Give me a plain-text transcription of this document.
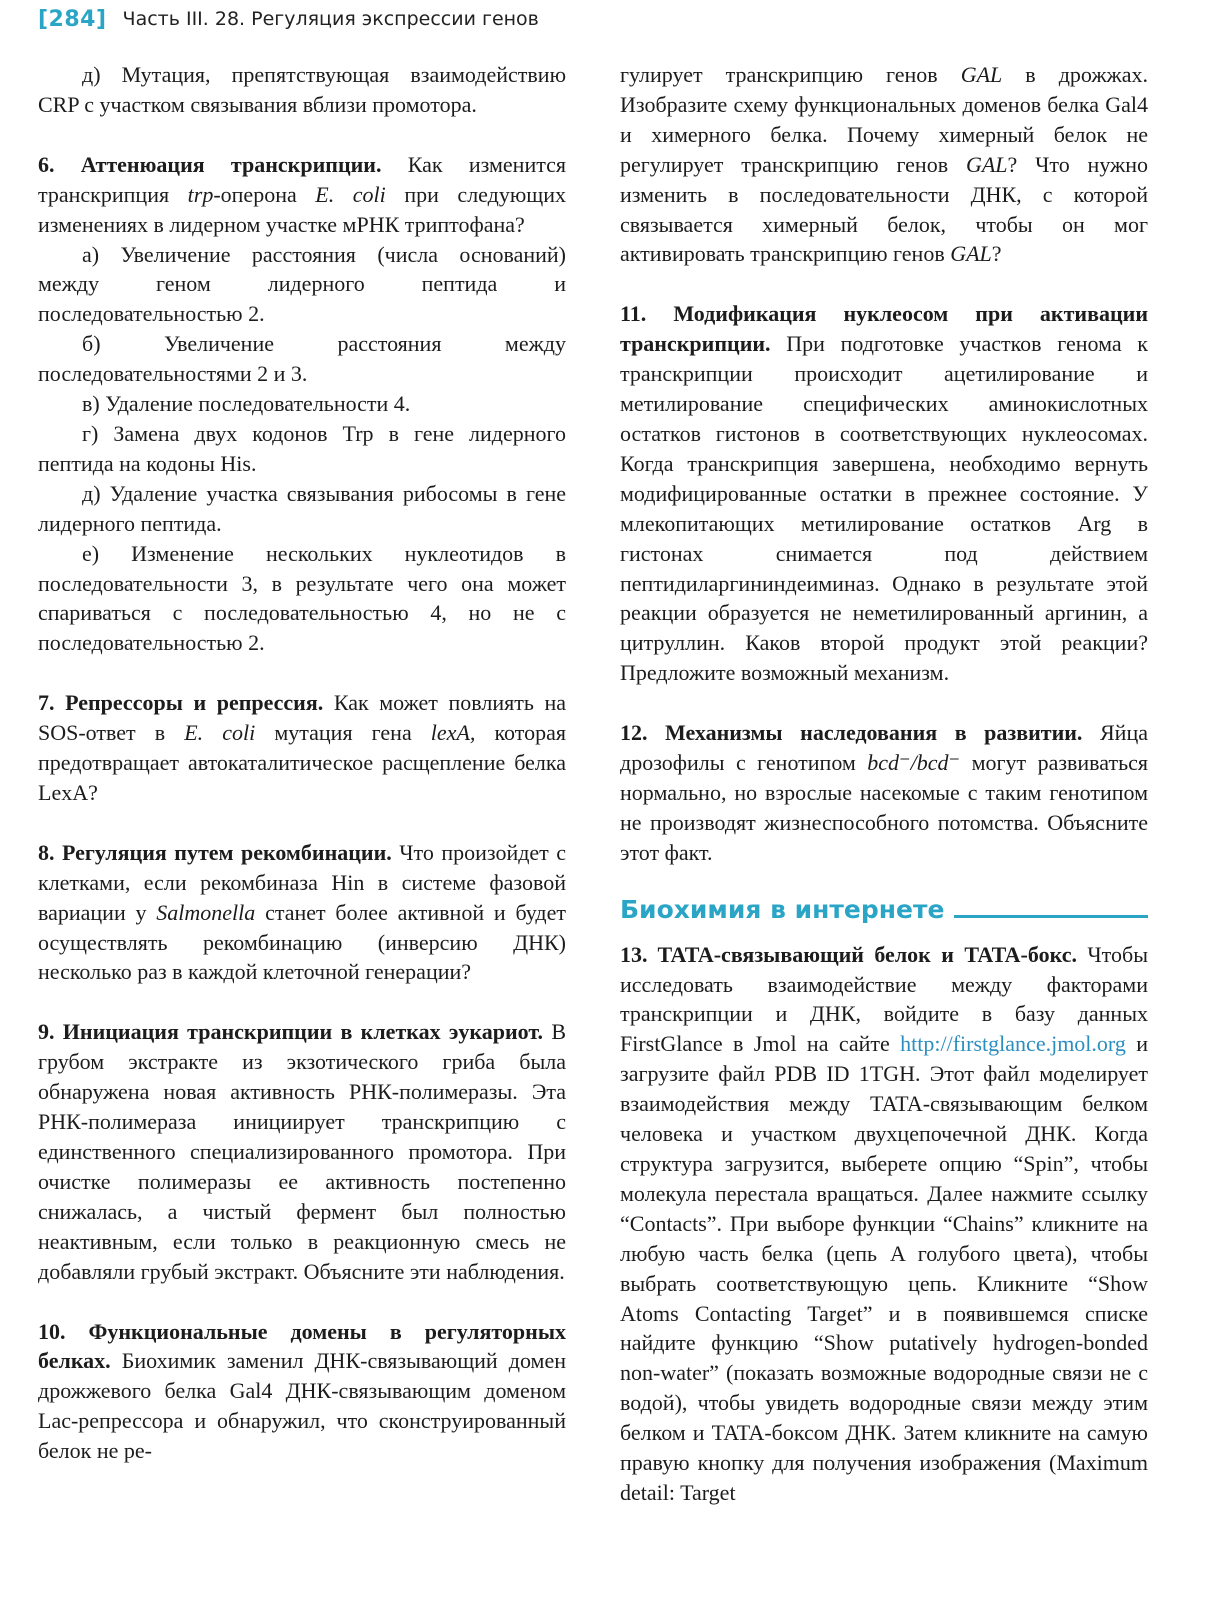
[284] Часть III. 28. Регуляция экспрессии генов

д) Мутация, препятствующая взаимодействию CRP с участком связывания вблизи промотора.

6. Аттенюация транскрипции. Как изменится транскрипция trp-оперона E. coli при следующих изменениях в лидерном участке мРНК триптофана?

а) Увеличение расстояния (числа оснований) между геном лидерного пептида и последовательностью 2.

б) Увеличение расстояния между последовательностями 2 и 3.

в) Удаление последовательности 4.

г) Замена двух кодонов Trp в гене лидерного пептида на кодоны His.

д) Удаление участка связывания рибосомы в гене лидерного пептида.

е) Изменение нескольких нуклеотидов в последовательности 3, в результате чего она может спариваться с последовательностью 4, но не с последовательностью 2.

7. Репрессоры и репрессия. Как может повлиять на SOS-ответ в E. coli мутация гена lexA, которая предотвращает автокаталитическое расщепление белка LexA?

8. Регуляция путем рекомбинации. Что произойдет с клетками, если рекомбиназа Hin в системе фазовой вариации у Salmonella станет более активной и будет осуществлять рекомбинацию (инверсию ДНК) несколько раз в каждой клеточной генерации?

9. Инициация транскрипции в клетках эукариот. В грубом экстракте из экзотического гриба была обнаружена новая активность РНК-полимеразы. Эта РНК-полимераза инициирует транскрипцию с единственного специализированного промотора. При очистке полимеразы ее активность постепенно снижалась, а чистый фермент был полностью неактивным, если только в реакционную смесь не добавляли грубый экстракт. Объясните эти наблюдения.

10. Функциональные домены в регуляторных белках. Биохимик заменил ДНК-связывающий домен дрожжевого белка Gal4 ДНК-связывающим доменом Lac-репрессора и обнаружил, что сконструированный белок не ре-

гулирует транскрипцию генов GAL в дрожжах. Изобразите схему функциональных доменов белка Gal4 и химерного белка. Почему химерный белок не регулирует транскрипцию генов GAL? Что нужно изменить в последовательности ДНК, с которой связывается химерный белок, чтобы он мог активировать транскрипцию генов GAL?

11. Модификация нуклеосом при активации транскрипции. При подготовке участков генома к транскрипции происходит ацетилирование и метилирование специфических аминокислотных остатков гистонов в соответствующих нуклеосомах. Когда транскрипция завершена, необходимо вернуть модифицированные остатки в прежнее состояние. У млекопитающих метилирование остатков Arg в гистонах снимается под действием пептидиларгининдеиминаз. Однако в результате этой реакции образуется не неметилированный аргинин, а цитруллин. Каков второй продукт этой реакции? Предложите возможный механизм.

12. Механизмы наследования в развитии. Яйца дрозофилы с генотипом bcd⁻/bcd⁻ могут развиваться нормально, но взрослые насекомые с таким генотипом не производят жизнеспособного потомства. Объясните этот факт.

Биохимия в интернете

13. TATA-связывающий белок и TATA-бокс. Чтобы исследовать взаимодействие между факторами транскрипции и ДНК, войдите в базу данных FirstGlance в Jmol на сайте http://firstglance.jmol.org и загрузите файл PDB ID 1TGH. Этот файл моделирует взаимодействия между TATA-связывающим белком человека и участком двухцепочечной ДНК. Когда структура загрузится, выберете опцию “Spin”, чтобы молекула перестала вращаться. Далее нажмите ссылку “Contacts”. При выборе функции “Chains” кликните на любую часть белка (цепь A голубого цвета), чтобы выбрать соответствующую цепь. Кликните “Show Atoms Contacting Target” и в появившемся списке найдите функцию “Show putatively hydrogen-bonded non-water” (показать возможные водородные связи не с водой), чтобы увидеть водородные связи между этим белком и TATA-боксом ДНК. Затем кликните на самую правую кнопку для получения изображения (Maximum detail: Target
